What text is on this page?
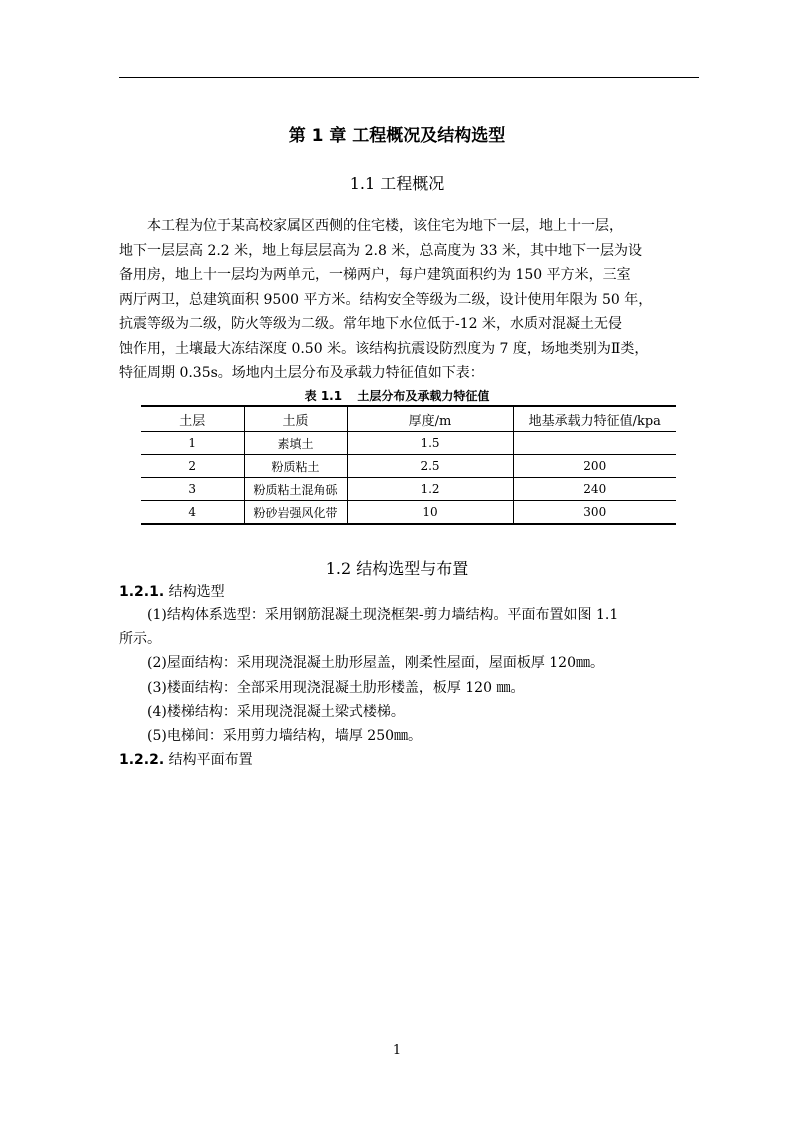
第 1 章 工程概况及结构选型
1.1 工程概况
本工程为位于某高校家属区西侧的住宅楼，该住宅为地下一层，地上十一层，
地下一层层高 2.2 米，地上每层层高为 2.8 米，总高度为 33 米，其中地下一层为设
备用房，地上十一层均为两单元，一梯两户，每户建筑面积约为 150 平方米，三室
两厅两卫，总建筑面积 9500 平方米。结构安全等级为二级，设计使用年限为 50 年，
抗震等级为二级，防火等级为二级。常年地下水位低于-12 米，水质对混凝土无侵
蚀作用，土壤最大冻结深度 0.50 米。该结构抗震设防烈度为 7 度，场地类别为Ⅱ类，
特征周期 0.35s。场地内土层分布及承载力特征值如下表：
表 1.1 土层分布及承载力特征值
土层	土质	厚度/m	地基承载力特征值/kpa
1	素填土	1.5	
2	粉质粘土	2.5	200
3	粉质粘土混角砾	1.2	240
4	粉砂岩强风化带	10	300
1.2 结构选型与布置
1.2.1. 结构选型
(1)结构体系选型：采用钢筋混凝土现浇框架-剪力墙结构。平面布置如图 1.1
所示。
(2)屋面结构：采用现浇混凝土肋形屋盖，刚柔性屋面，屋面板厚 120㎜。
(3)楼面结构：全部采用现浇混凝土肋形楼盖，板厚 120 ㎜。
(4)楼梯结构：采用现浇混凝土梁式楼梯。
(5)电梯间：采用剪力墙结构，墙厚 250㎜。
1.2.2. 结构平面布置
1
